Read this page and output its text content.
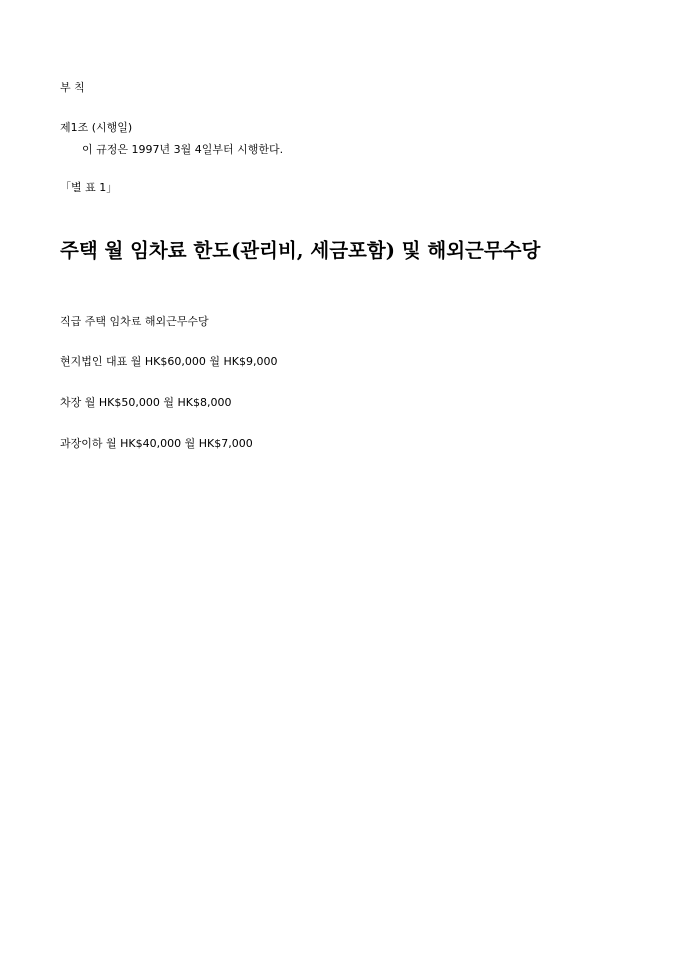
부 칙
제1조 (시행일)
이 규정은 1997년 3월 4일부터 시행한다.
「별 표 1」
주택 월 임차료 한도(관리비, 세금포함) 및 해외근무수당
직급 주택 임차료 해외근무수당
현지법인 대표 월 HK$60,000 월 HK$9,000
차장 월 HK$50,000 월 HK$8,000
과장이하 월 HK$40,000 월 HK$7,000
